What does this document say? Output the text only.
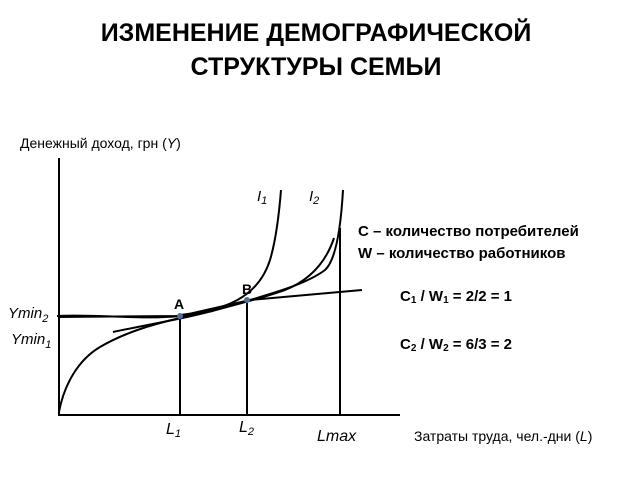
ИЗМЕНЕНИЕ ДЕМОГРАФИЧЕСКОЙ
СТРУКТУРЫ СЕМЬИ
Денежный доход, грн (Y)
A
B
$I_1$	$I_2$
Ymin$_2$
Ymin$_1$
L1	L2	Lmax	Затраты труда, чел.-дни (L)
C – количество потребителей
W – количество работников
C1 / W1 = 2/2 = 1
C2 / W2 = 6/3 = 2
